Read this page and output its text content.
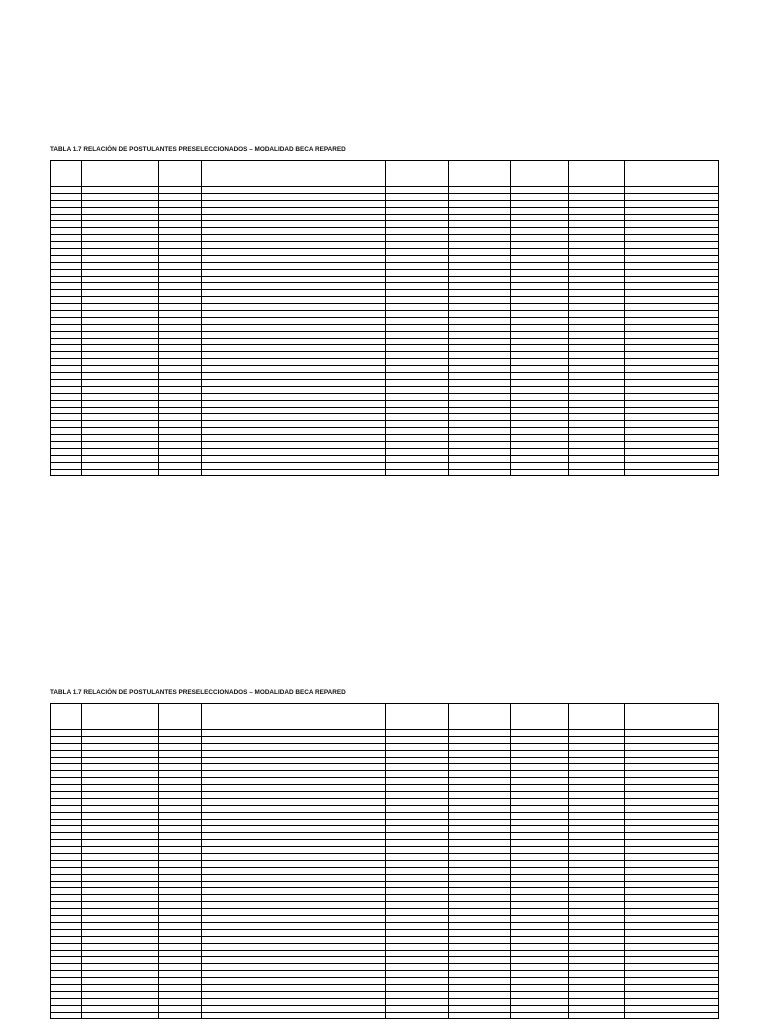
TABLA 1.7 RELACIÓN DE POSTULANTES PRESELECCIONADOS – MODALIDAD BECA REPARED

TABLA 1.7 RELACIÓN DE POSTULANTES PRESELECCIONADOS – MODALIDAD BECA REPARED
